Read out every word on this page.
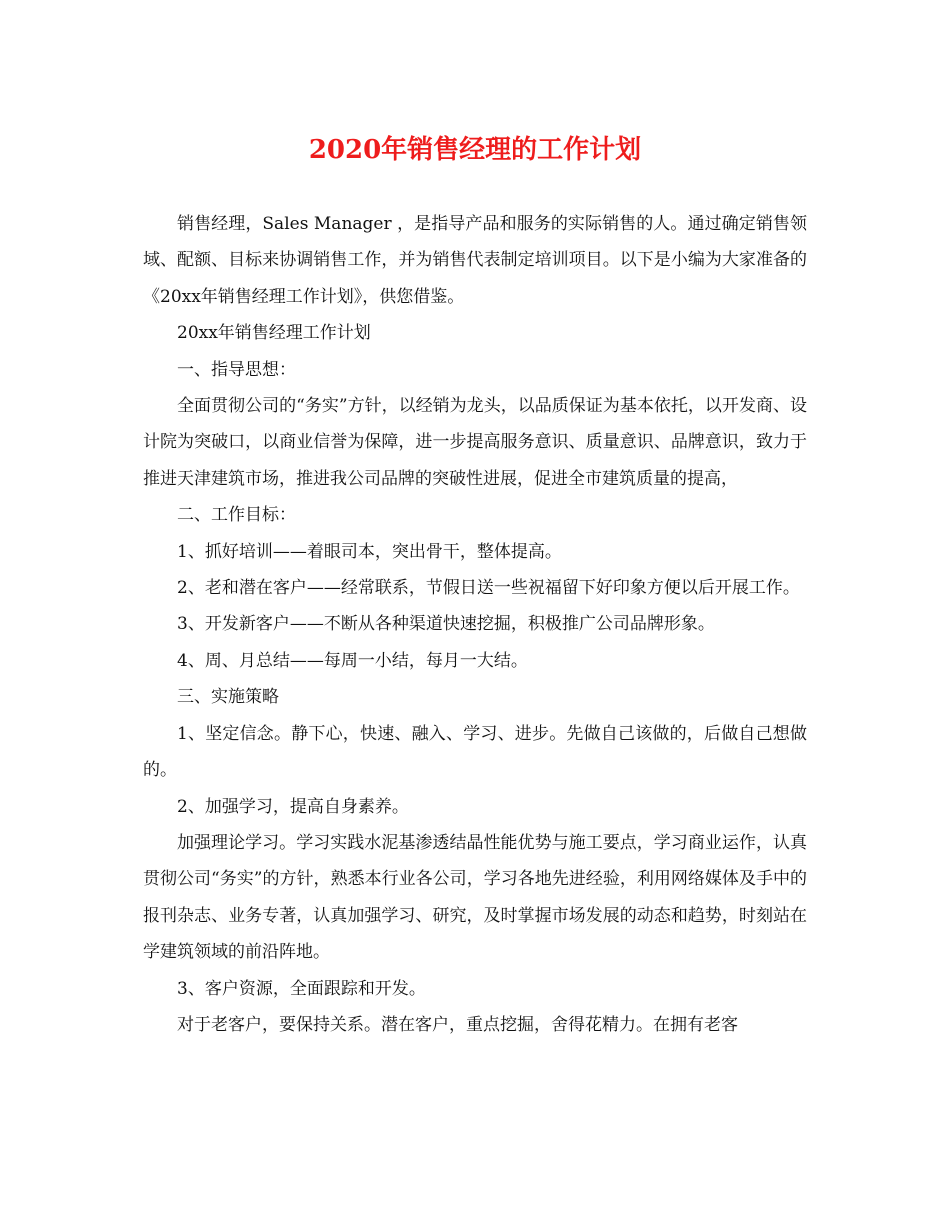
2020年销售经理的工作计划

销售经理，Sales Manager ，是指导产品和服务的实际销售的人。通过确定销售领域、配额、目标来协调销售工作，并为销售代表制定培训项目。以下是小编为大家准备的《20xx年销售经理工作计划》，供您借鉴。

20xx年销售经理工作计划

一、指导思想：

全面贯彻公司的“务实”方针，以经销为龙头，以品质保证为基本依托，以开发商、设计院为突破口，以商业信誉为保障，进一步提高服务意识、质量意识、品牌意识，致力于推进天津建筑市场，推进我公司品牌的突破性进展，促进全市建筑质量的提高，

二、工作目标：

1、抓好培训——着眼司本，突出骨干，整体提高。

2、老和潜在客户——经常联系，节假日送一些祝福留下好印象方便以后开展工作。

3、开发新客户——不断从各种渠道快速挖掘，积极推广公司品牌形象。

4、周、月总结——每周一小结，每月一大结。

三、实施策略

1、坚定信念。静下心，快速、融入、学习、进步。先做自己该做的，后做自己想做的。

2、加强学习，提高自身素养。

加强理论学习。学习实践水泥基渗透结晶性能优势与施工要点，学习商业运作，认真贯彻公司“务实”的方针，熟悉本行业各公司，学习各地先进经验，利用网络媒体及手中的报刊杂志、业务专著，认真加强学习、研究，及时掌握市场发展的动态和趋势，时刻站在学建筑领域的前沿阵地。

3、客户资源，全面跟踪和开发。

对于老客户，要保持关系。潜在客户，重点挖掘，舍得花精力。在拥有老客
